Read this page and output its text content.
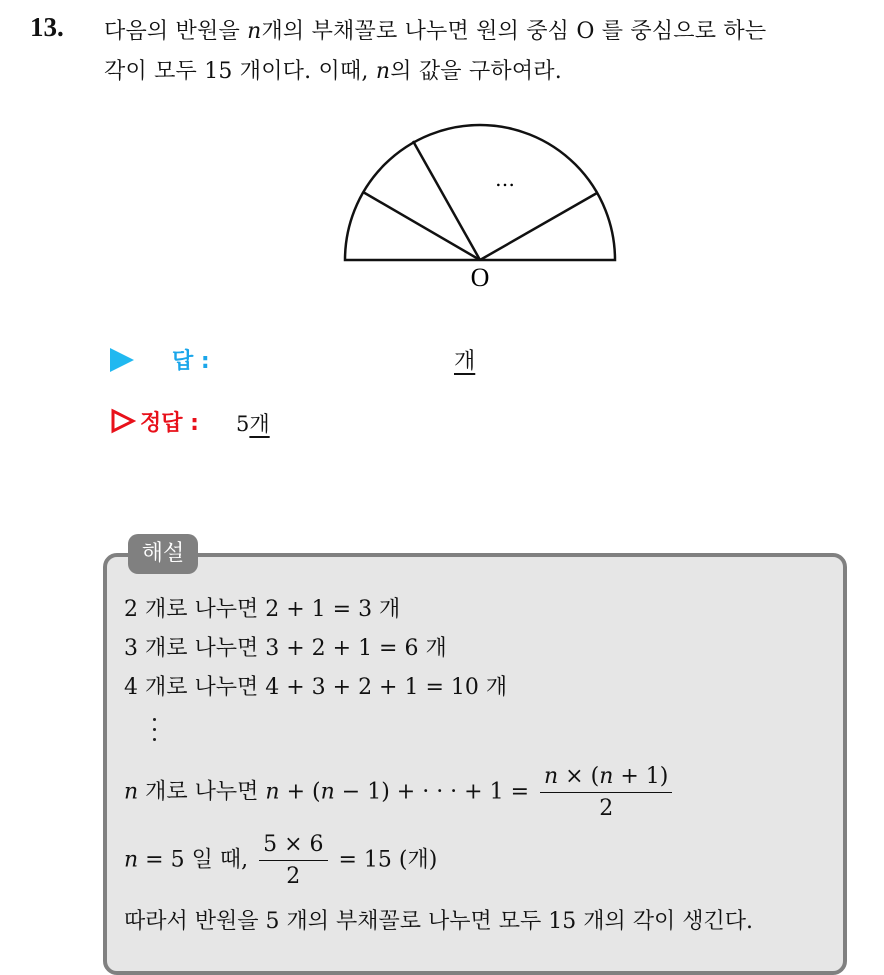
13. 다음의 반원을 n개의 부채꼴로 나누면 원의 중심 O 를 중심으로 하는
각이 모두 15 개이다. 이때, n의 값을 구하여라.
…
O
답 :	개
정답 : 5개
해설
2 개로 나누면 2 + 1 = 3 개
3 개로 나누면 3 + 2 + 1 = 6 개
4 개로 나누면 4 + 3 + 2 + 1 = 10 개
n 개로 나누면 n + (n − 1) + · · · + $1 = \frac{n \times (n + 1)}{2}$
n = 5 일 때, $\frac{5 \times 6}{2} = 15$ (개)
따라서 반원을 5 개의 부채꼴로 나누면 모두 15 개의 각이 생긴다.
